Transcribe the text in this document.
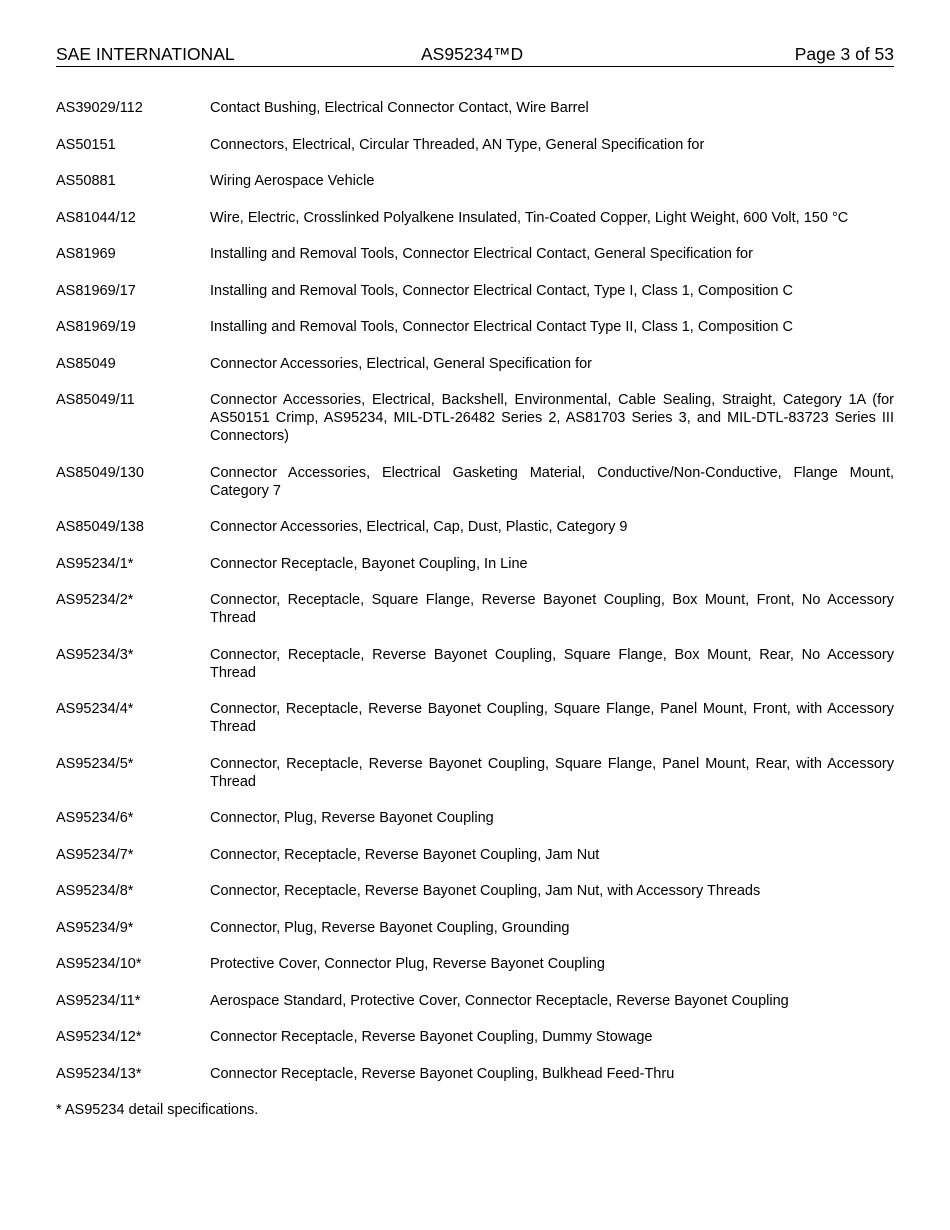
SAE INTERNATIONAL	AS95234™D	Page 3 of 53
AS39029/112	Contact Bushing, Electrical Connector Contact, Wire Barrel
AS50151	Connectors, Electrical, Circular Threaded, AN Type, General Specification for
AS50881	Wiring Aerospace Vehicle
AS81044/12	Wire, Electric, Crosslinked Polyalkene Insulated, Tin-Coated Copper, Light Weight, 600 Volt, 150 °C
AS81969	Installing and Removal Tools, Connector Electrical Contact, General Specification for
AS81969/17	Installing and Removal Tools, Connector Electrical Contact, Type I, Class 1, Composition C
AS81969/19	Installing and Removal Tools, Connector Electrical Contact Type II, Class 1, Composition C
AS85049	Connector Accessories, Electrical, General Specification for
AS85049/11	Connector Accessories, Electrical, Backshell, Environmental, Cable Sealing, Straight, Category 1A (for AS50151 Crimp, AS95234, MIL-DTL-26482 Series 2, AS81703 Series 3, and MIL-DTL-83723 Series III Connectors)
AS85049/130	Connector Accessories, Electrical Gasketing Material, Conductive/Non-Conductive, Flange Mount, Category 7
AS85049/138	Connector Accessories, Electrical, Cap, Dust, Plastic, Category 9
AS95234/1*	Connector Receptacle, Bayonet Coupling, In Line
AS95234/2*	Connector, Receptacle, Square Flange, Reverse Bayonet Coupling, Box Mount, Front, No Accessory Thread
AS95234/3*	Connector, Receptacle, Reverse Bayonet Coupling, Square Flange, Box Mount, Rear, No Accessory Thread
AS95234/4*	Connector, Receptacle, Reverse Bayonet Coupling, Square Flange, Panel Mount, Front, with Accessory Thread
AS95234/5*	Connector, Receptacle, Reverse Bayonet Coupling, Square Flange, Panel Mount, Rear, with Accessory Thread
AS95234/6*	Connector, Plug, Reverse Bayonet Coupling
AS95234/7*	Connector, Receptacle, Reverse Bayonet Coupling, Jam Nut
AS95234/8*	Connector, Receptacle, Reverse Bayonet Coupling, Jam Nut, with Accessory Threads
AS95234/9*	Connector, Plug, Reverse Bayonet Coupling, Grounding
AS95234/10*	Protective Cover, Connector Plug, Reverse Bayonet Coupling
AS95234/11*	Aerospace Standard, Protective Cover, Connector Receptacle, Reverse Bayonet Coupling
AS95234/12*	Connector Receptacle, Reverse Bayonet Coupling, Dummy Stowage
AS95234/13*	Connector Receptacle, Reverse Bayonet Coupling, Bulkhead Feed-Thru
* AS95234 detail specifications.
